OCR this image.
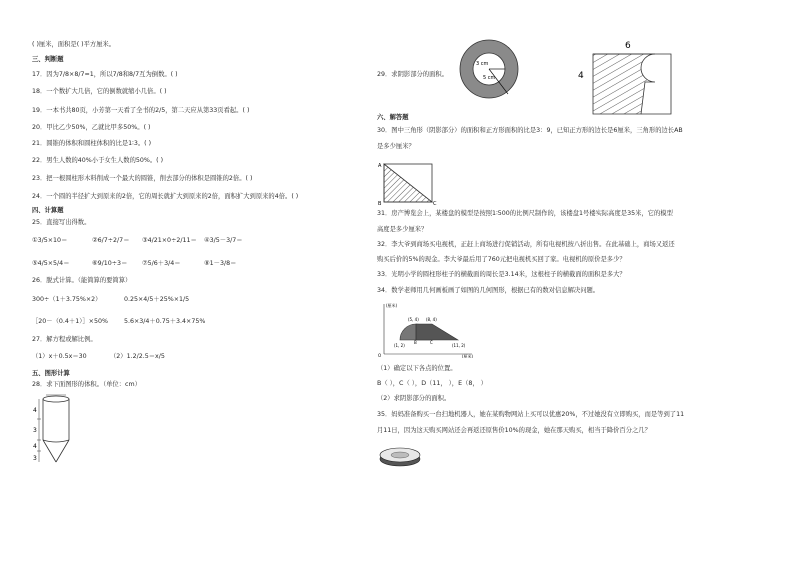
( )厘米，面积是( )平方厘米。
三、判断题
17．因为7/8×8/7=1，所以7/8和8/7互为倒数。( )
18．一个数扩大几倍，它的倒数就缩小几倍。( )
19．一本书共80页，小芳第一天看了全书的2/5，第二天应从第33页看起。( )
20．甲比乙少50%，乙就比甲多50%。( )
21．圆锥的体积和圆柱体积的比是1∶3。( )
22．男生人数的40%小于女生人数的50%。( )
23．把一根圆柱形木料削成一个最大的圆锥，削去部分的体积是圆锥的2倍。( )
24．一个圆的半径扩大到原来的2倍，它的周长就扩大到原来的2倍，面积扩大到原来的4倍。( )
四、计算题
25．直接写出得数。
①3/5×10＝	②6/7÷2/7＝ ③4/21×0÷2/11＝ ④3/5－3/7＝
⑤4/5×5/4＝	⑥9/10÷3＝ ⑦5/6＋3/4＝	⑧1－3/8＝
26．脱式计算。（能简算的要简算）
300÷（1＋3.75%×2）	0.25×4/5＋25%×1/5
［20－（0.4＋1）］×50%	5.6×3/4＋0.75＋3.4×75%
27．解方程或解比例。
（1）x＋0.5x＝30	（2）1.2/2.5＝x/5
五、图形计算
28．求下面图形的体积。（单位：cm）
4
3
4
3
3 cm
5 cm
6
4
29．求阴影部分的面积。
六、解答题
30．图中三角形（阴影部分）的面积和正方形面积的比是3：9，已知正方形的边长是6厘米，三角形的边长AB
是多少厘米？
A
B	C
31．房产博览会上，某楼盘的模型是按照1∶500的比例尺制作的，该楼盘1号楼实际高度是35米，它的模型
高度是多少厘米？
32．李大爷到商场买电视机，正赶上商场进行促销活动，所有电视机按八折出售。在此基础上，商场又返还
购买后价的5%的现金。李大爷最后用了760元把电视机买回了家。电视机的原价是多少？
33．光明小学的圆柱形柱子的横截面的周长是3.14米，这根柱子的横截面的面积是多大？
34．数学老师用几何画板画了如图的几何图形，根据已有的数对信息解决问题。
(厘米)
O	(厘米)
(5, 4) (8, 4)
(1, 2)	(11, 2)
B	C
（1）确定以下各点的位置。
B（ ），C（ ），D（11， ），E（8， ）
（2）求阴影部分的面积。
35．妈妈准备购买一台扫地机器人，她在某购物网站上买可以优惠20%，不过她没有立即购买，而是等到了11
月11日，因为这天购买网站还会再返还原售价10%的现金，她在那天购买，相当于降价百分之几？
